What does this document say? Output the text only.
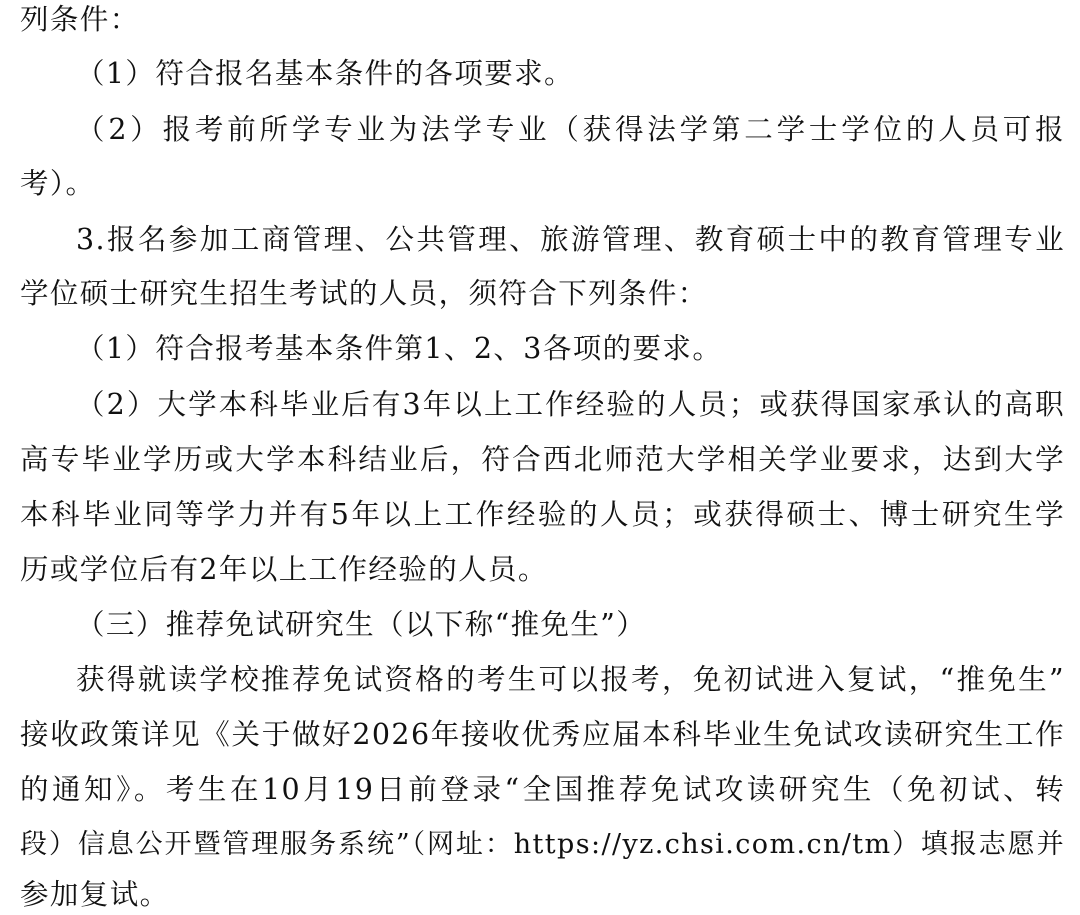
列条件：
（1）符合报名基本条件的各项要求。
（2）报考前所学专业为法学专业（获得法学第二学士学位的人员可报
考）。
3.报名参加工商管理、公共管理、旅游管理、教育硕士中的教育管理专业
学位硕士研究生招生考试的人员，须符合下列条件：
（1）符合报考基本条件第1、2、3各项的要求。
（2）大学本科毕业后有3年以上工作经验的人员；或获得国家承认的高职
高专毕业学历或大学本科结业后，符合西北师范大学相关学业要求，达到大学
本科毕业同等学力并有5年以上工作经验的人员；或获得硕士、博士研究生学
历或学位后有2年以上工作经验的人员。
（三）推荐免试研究生（以下称“推免生”）
获得就读学校推荐免试资格的考生可以报考，免初试进入复试，“推免生”
接收政策详见《关于做好2026年接收优秀应届本科毕业生免试攻读研究生工作
的通知》。考生在10月19日前登录“全国推荐免试攻读研究生（免初试、转
段）信息公开暨管理服务系统”（网址：https://yz.chsi.com.cn/tm）填报志愿并
参加复试。
